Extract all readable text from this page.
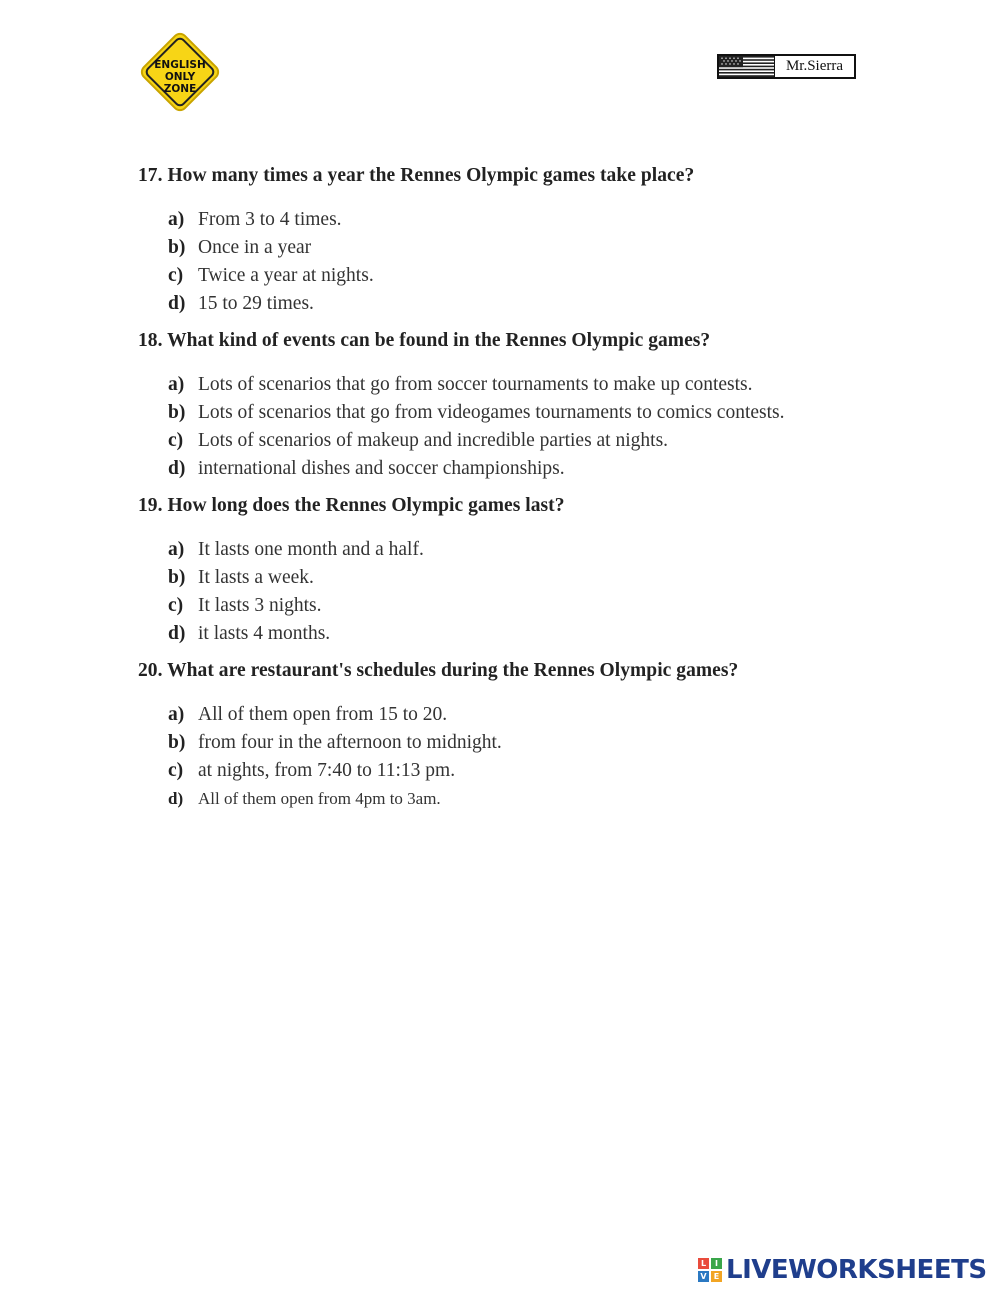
ENGLISH
ONLY
ZONE
Mr.Sierra

17. How many times a year the Rennes Olympic games take place?

a) From 3 to 4 times.
b) Once in a year
c) Twice a year at nights.
d) 15 to 29 times.

18. What kind of events can be found in the Rennes Olympic games?

a) Lots of scenarios that go from soccer tournaments to make up contests.
b) Lots of scenarios that go from videogames tournaments to comics contests.
c) Lots of scenarios of makeup and incredible parties at nights.
d) international dishes and soccer championships.

19. How long does the Rennes Olympic games last?

a) It lasts one month and a half.
b) It lasts a week.
c) It lasts 3 nights.
d) it lasts 4 months.

20. What are restaurant's schedules during the Rennes Olympic games?

a) All of them open from 15 to 20.
b) from four in the afternoon to midnight.
c) at nights, from 7:40 to 11:13 pm.
d) All of them open from 4pm to 3am.
L	I
V E LIVEWORKSHEETS
